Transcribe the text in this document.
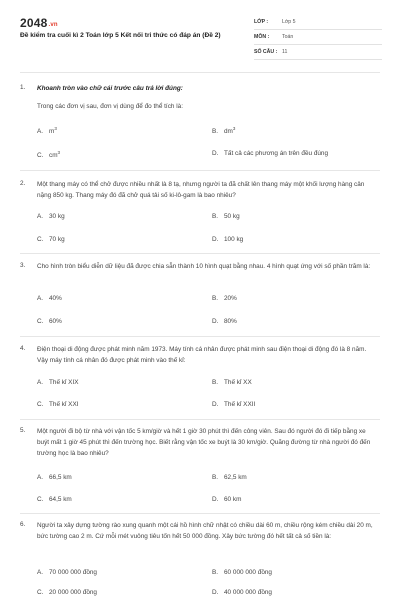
2048.vn
Đề kiểm tra cuối kì 2 Toán lớp 5 Kết nối tri thức có đáp án (Đề 2)
LỚP :	Lớp 5
MÔN : Toán
SỐ CÂU : 11
1. Khoanh tròn vào chữ cái trước câu trả lời đúng:
Trong các đơn vị sau, đơn vị dùng để đo thể tích là:
A. $m^3$	B. $dm^3$
C. $cm^3$	D. Tất cả các phương án trên đều đúng
2. Một thang máy có thể chở được nhiều nhất là 8 tạ, nhưng người ta đã chất lên thang máy một khối lượng hàng cân nặng 850 kg. Thang máy đó đã chở quá tải số ki-lô-gam là bao nhiêu?
A. 30 kg	B. 50 kg
C. 70 kg	D. 100 kg
3. Cho hình tròn biểu diễn dữ liệu đã được chia sẵn thành 10 hình quạt bằng nhau. 4 hình quạt ứng với số phần trăm là:
A. 40%	B. 20%
C. 60%	D. 80%
4. Điện thoại di động được phát minh năm 1973. Máy tính cá nhân được phát minh sau điện thoại di động đó là 8 năm. Vậy máy tính cá nhân đó được phát minh vào thế kỉ:
A. Thế kỉ XIX	B. Thế kỉ XX
C. Thế kỉ XXI	D. Thế kỉ XXII
5. Một người đi bộ từ nhà với vận tốc 5 km/giờ và hết 1 giờ 30 phút thì đến công viên. Sau đó người đó đi tiếp bằng xe buýt mất 1 giờ 45 phút thì đến trường học. Biết rằng vận tốc xe buýt là 30 km/giờ. Quãng đường từ nhà người đó đến trường học là bao nhiêu?
A. 66,5 km	B. 62,5 km
C. 64,5 km	D. 60 km
6. Người ta xây dựng tường rào xung quanh một cái hồ hình chữ nhật có chiều dài 60 m, chiều rộng kém chiều dài 20 m, bức tường cao 2 m. Cứ mỗi mét vuông tiêu tốn hết 50 000 đồng. Xây bức tường đó hết tất cả số tiền là:
A. 70 000 000 đồng	B. 60 000 000 đồng
C. 20 000 000 đồng	D. 40 000 000 đồng
